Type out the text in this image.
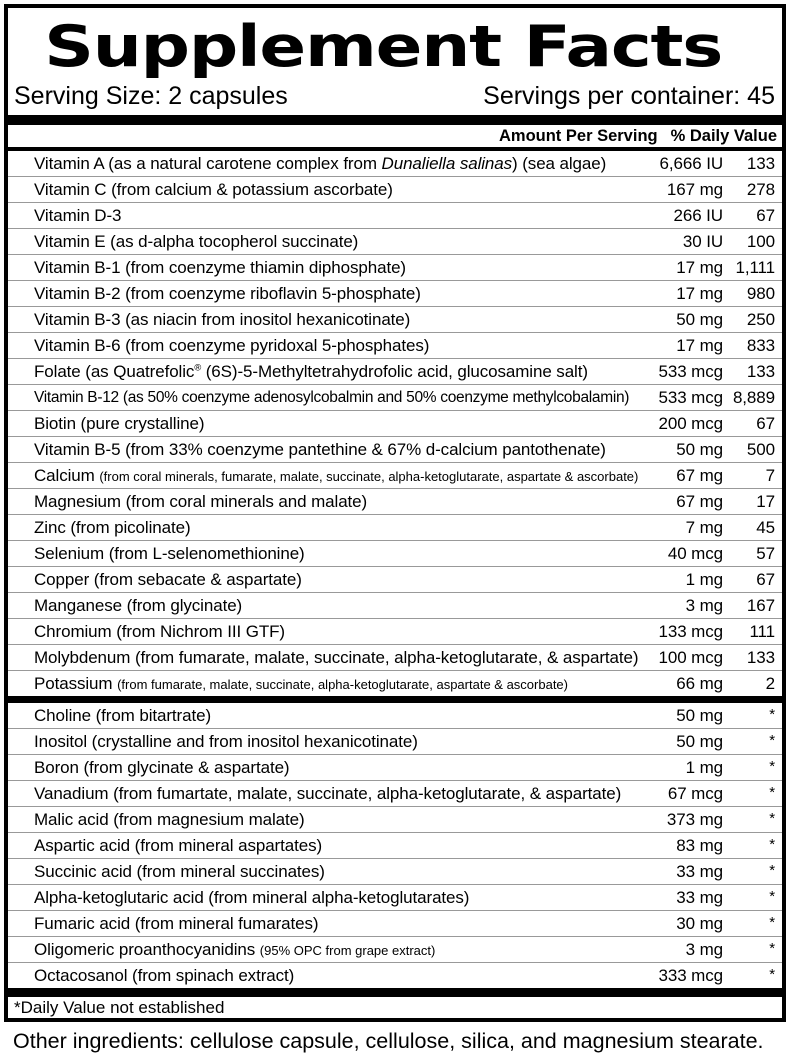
Supplement Facts
Serving Size: 2 capsules	Servings per container: 45
Amount Per Serving % Daily Value
Vitamin A (as a natural carotene complex from Dunaliella salinas) (sea algae)	6,666 IU	133
Vitamin C (from calcium & potassium ascorbate)	167 mg	278
Vitamin D-3	266 IU	67
Vitamin E (as d-alpha tocopherol succinate)	30 IU	100
Vitamin B-1 (from coenzyme thiamin diphosphate)	17 mg 1,111
Vitamin B-2 (from coenzyme riboflavin 5-phosphate)	17 mg	980
Vitamin B-3 (as niacin from inositol hexanicotinate)	50 mg	250
Vitamin B-6 (from coenzyme pyridoxal 5-phosphates)	17 mg	833
Folate (as Quatrefolic® (6S)-5-Methyltetrahydrofolic acid, glucosamine salt)	533 mcg	133
Vitamin B-12 (as 50% coenzyme adenosylcobalmin and 50% coenzyme methylcobalamin)	533 mcg 8,889
Biotin (pure crystalline)	200 mcg	67
Vitamin B-5 (from 33% coenzyme pantethine & 67% d-calcium pantothenate)	50 mg	500
Calcium (from coral minerals, fumarate, malate, succinate, alpha-ketoglutarate, aspartate & ascorbate)	67 mg	7
Magnesium (from coral minerals and malate)	67 mg	17
Zinc (from picolinate)	7 mg	45
Selenium (from L-selenomethionine)	40 mcg	57
Copper (from sebacate & aspartate)	1 mg	67
Manganese (from glycinate)	3 mg	167
Chromium (from Nichrom III GTF)	133 mcg	111
Molybdenum (from fumarate, malate, succinate, alpha-ketoglutarate, & aspartate)	100 mcg	133
Potassium (from fumarate, malate, succinate, alpha-ketoglutarate, aspartate & ascorbate)	66 mg	2
Choline (from bitartrate)	50 mg	*
Inositol (crystalline and from inositol hexanicotinate)	50 mg	*
Boron (from glycinate & aspartate)	1 mg	*
Vanadium (from fumartate, malate, succinate, alpha-ketoglutarate, & aspartate)	67 mcg	*
Malic acid (from magnesium malate)	373 mg	*
Aspartic acid (from mineral aspartates)	83 mg	*
Succinic acid (from mineral succinates)	33 mg	*
Alpha-ketoglutaric acid (from mineral alpha-ketoglutarates)	33 mg	*
Fumaric acid (from mineral fumarates)	30 mg	*
Oligomeric proanthocyanidins (95% OPC from grape extract)	3 mg	*
Octacosanol (from spinach extract)	333 mcg	*
*Daily Value not established
Other ingredients: cellulose capsule, cellulose, silica, and magnesium stearate.
